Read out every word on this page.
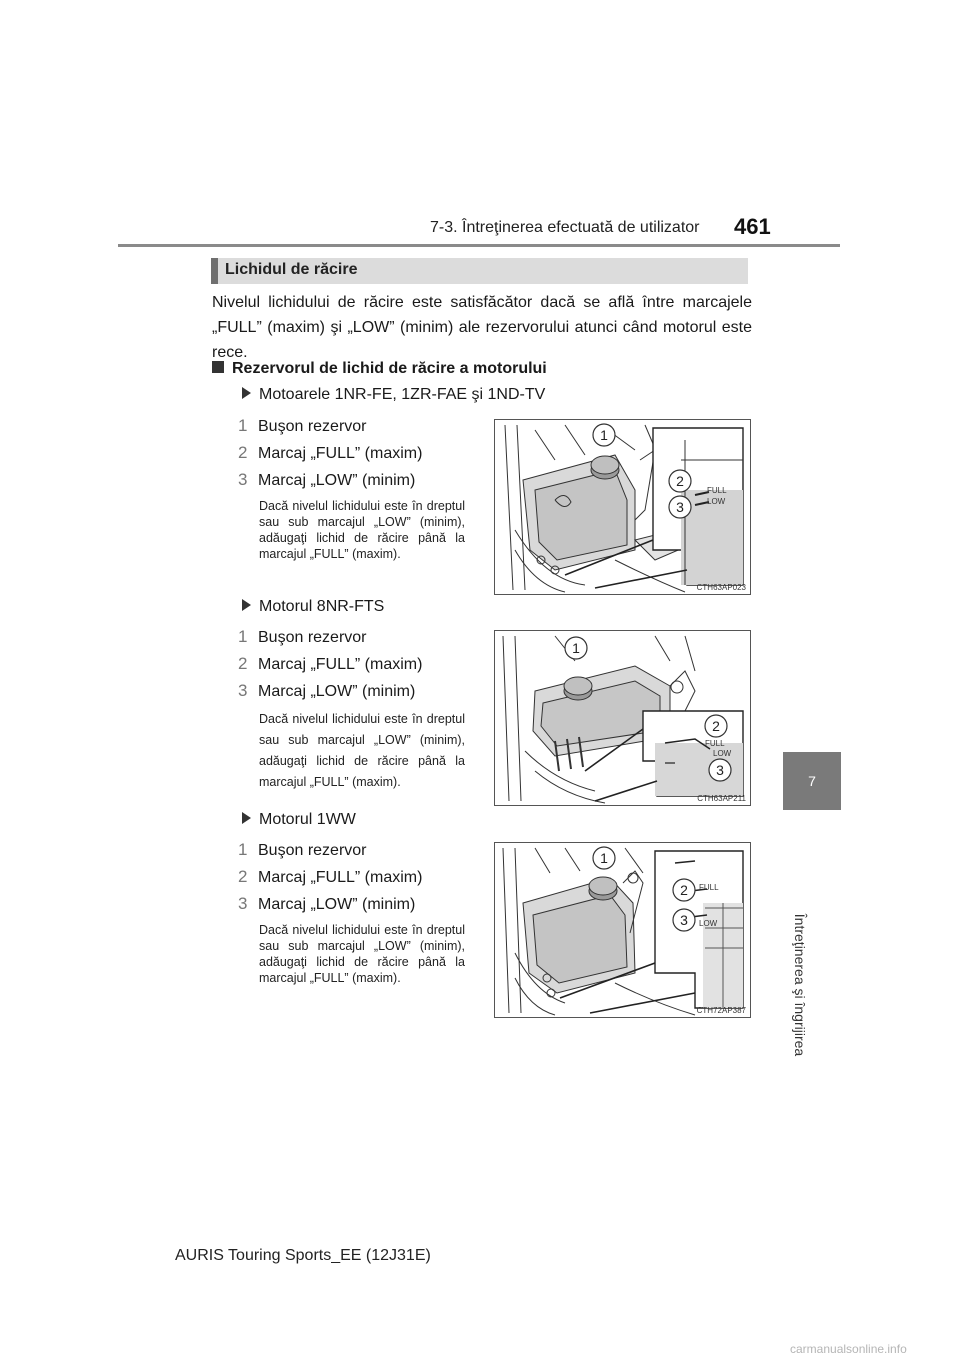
7-3. Întreţinerea efectuată de utilizator 461
7
Întreţinerea şi îngrijirea
Lichidul de răcire
Nivelul lichidului de răcire este satisfăcător dacă se află între marcajele „FULL” (maxim) şi „LOW” (minim) ale rezervorului atunci când motorul este rece.
Rezervorul de lichid de răcire a motorului
Motoarele 1NR-FE, 1ZR-FAE şi 1ND-TV
1 Buşon rezervor
2 Marcaj „FULL” (maxim)
3 Marcaj „LOW” (minim)
Dacă nivelul lichidului este în dreptul sau sub marcajul „LOW” (minim), adăugaţi lichid de răcire până la marcajul „FULL” (maxim).
1
2
3
FULL
LOW
CTH63AP023
Motorul 8NR-FTS
1 Buşon rezervor
2 Marcaj „FULL” (maxim)
3 Marcaj „LOW” (minim)
Dacă nivelul lichidului este în dreptul sau sub marcajul „LOW” (minim), adăugaţi lichid de răcire până la marcajul „FULL” (maxim).
1
2
3
FULL
LOW
CTH63AP211
Motorul 1WW
1 Buşon rezervor
2 Marcaj „FULL” (maxim)
3 Marcaj „LOW” (minim)
Dacă nivelul lichidului este în dreptul sau sub marcajul „LOW” (minim), adăugaţi lichid de răcire până la marcajul „FULL” (maxim).
1
2
3
FULL
LOW
CTH72AP387
AURIS Touring Sports_EE (12J31E)
carmanualsonline.info
